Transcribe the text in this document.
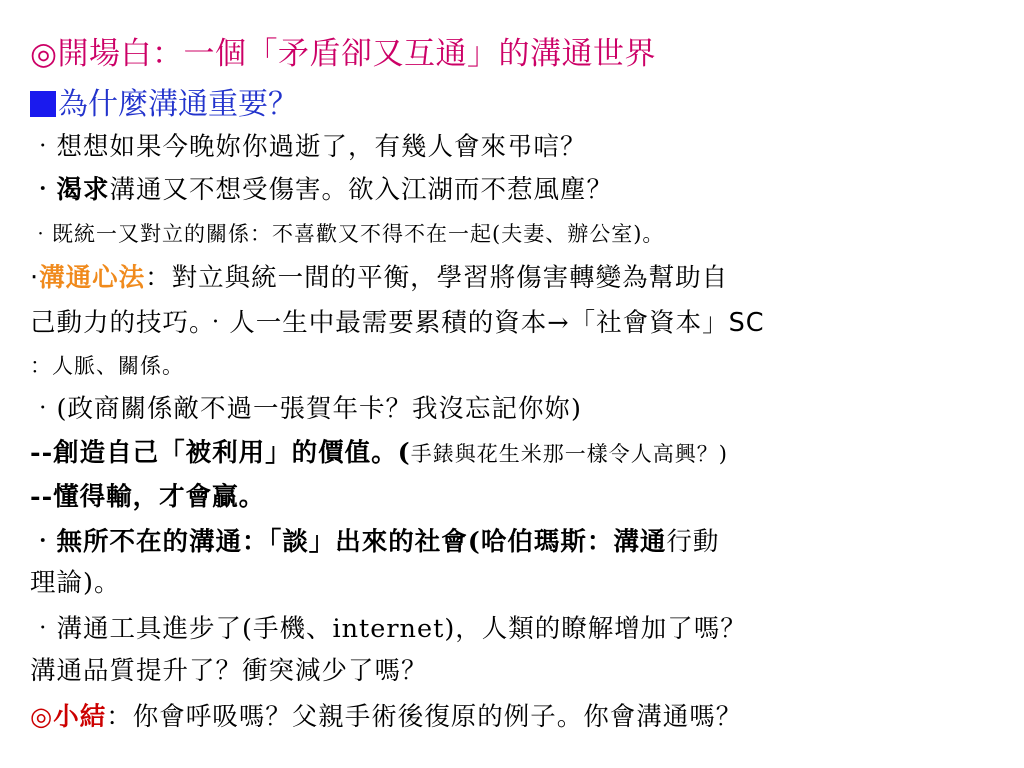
◎開場白：一個「矛盾卻又互通」的溝通世界
為什麼溝通重要？
‧想想如果今晚妳你過逝了，有幾人會來弔唁？
‧渴求溝通又不想受傷害。欲入江湖而不惹風塵？
‧既統一又對立的關係：不喜歡又不得不在一起(夫妻、辦公室)。
‧溝通心法：對立與統一間的平衡，學習將傷害轉變為幫助自
己動力的技巧。‧人一生中最需要累積的資本→「社會資本」SC
：人脈、關係。
‧(政商關係敵不過一張賀年卡？我沒忘記你妳)
--創造自己「被利用」的價值。(手錶與花生米那一樣令人高興？)
--懂得輸，才會贏。
‧無所不在的溝通：「談」出來的社會(哈伯瑪斯：溝通行動
理論)。
‧溝通工具進步了(手機、internet)，人類的瞭解增加了嗎？
溝通品質提升了？衝突減少了嗎？
◎小結：你會呼吸嗎？父親手術後復原的例子。你會溝通嗎？
